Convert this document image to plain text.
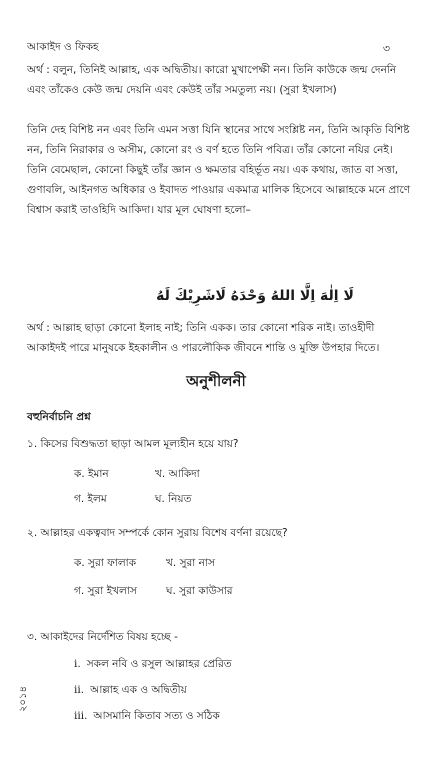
আকাইদ ও ফিকহ	৩
অর্থ : বলুন, তিনিই আল্লাহ, এক অদ্বিতীয়। কারো মুখাপেক্ষী নন। তিনি কাউকে জন্ম দেননি এবং তাঁকেও কেউ জন্ম দেয়নি এবং কেউই তাঁর সমতুল্য নয়। (সুরা ইখলাস)
তিনি দেহ বিশিষ্ট নন এবং তিনি এমন সত্তা যিনি স্থানের সাথে সংশ্লিষ্ট নন, তিনি আকৃতি বিশিষ্ট নন, তিনি নিরাকার ও অসীম, কোনো রং ও বর্ণ হতে তিনি পবিত্র। তাঁর কোনো নযির নেই। তিনি বেমেছাল, কোনো কিছুই তাঁর জ্ঞান ও ক্ষমতার বহির্ভূত নয়। এক কথায়, জাত বা সত্তা, গুণাবলি, আইনগত অধিকার ও ইবাদত পাওয়ার একমাত্র মালিক হিসেবে আল্লাহকে মনে প্রাণে বিশ্বাস করাই তাওহিদি আকিদা। যার মূল ঘোষণা হলো–
لَا اِلٰهَ اِلَّا اللهُ وَحْدَهُ لَاشَرِيْكَ لَهُ
অর্থ : আল্লাহ ছাড়া কোনো ইলাহ নাই; তিনি একক। তার কোনো শরিক নাই। তাওহীদী আকাইদই পারে মানুষকে ইহকালীন ও পারলৌকিক জীবনে শান্তি ও মুক্তি উপহার দিতে।
অনুশীলনী
বহুনির্বাচনি প্রশ্ন
১. কিসের বিশুদ্ধতা ছাড়া আমল মূল্যহীন হয়ে যায়?
ক. ইমান	খ. আকিদা
গ. ইলম	ঘ. নিয়ত
২. আল্লাহর একত্ববাদ সম্পর্কে কোন সুরায় বিশেষ বর্ণনা রয়েছে?
ক. সুরা ফালাক	খ. সুরা নাস
গ. সুরা ইখলাস	ঘ. সুরা কাউসার
৩. আকাইদের নির্দেশিত বিষয় হচ্ছে -
i. সকল নবি ও রসুল আল্লাহর প্রেরিত
ii. আল্লাহ এক ও অদ্বিতীয়
iii. আসমানি কিতাব সত্য ও সঠিক
২০১৪
